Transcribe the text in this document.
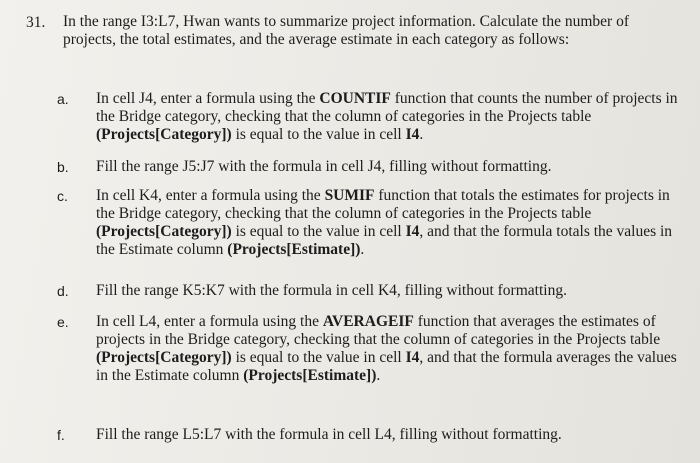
31. In the range I3:L7, Hwan wants to summarize project information. Calculate the number of projects, the total estimates, and the average estimate in each category as follows:
a. In cell J4, enter a formula using the COUNTIF function that counts the number of projects in the Bridge category, checking that the column of categories in the Projects table (Projects[Category]) is equal to the value in cell I4.
b. Fill the range J5:J7 with the formula in cell J4, filling without formatting.
c. In cell K4, enter a formula using the SUMIF function that totals the estimates for projects in the Bridge category, checking that the column of categories in the Projects table (Projects[Category]) is equal to the value in cell I4, and that the formula totals the values in the Estimate column (Projects[Estimate]).
d. Fill the range K5:K7 with the formula in cell K4, filling without formatting.
e. In cell L4, enter a formula using the AVERAGEIF function that averages the estimates of projects in the Bridge category, checking that the column of categories in the Projects table (Projects[Category]) is equal to the value in cell I4, and that the formula averages the values in the Estimate column (Projects[Estimate]).
f. Fill the range L5:L7 with the formula in cell L4, filling without formatting.
